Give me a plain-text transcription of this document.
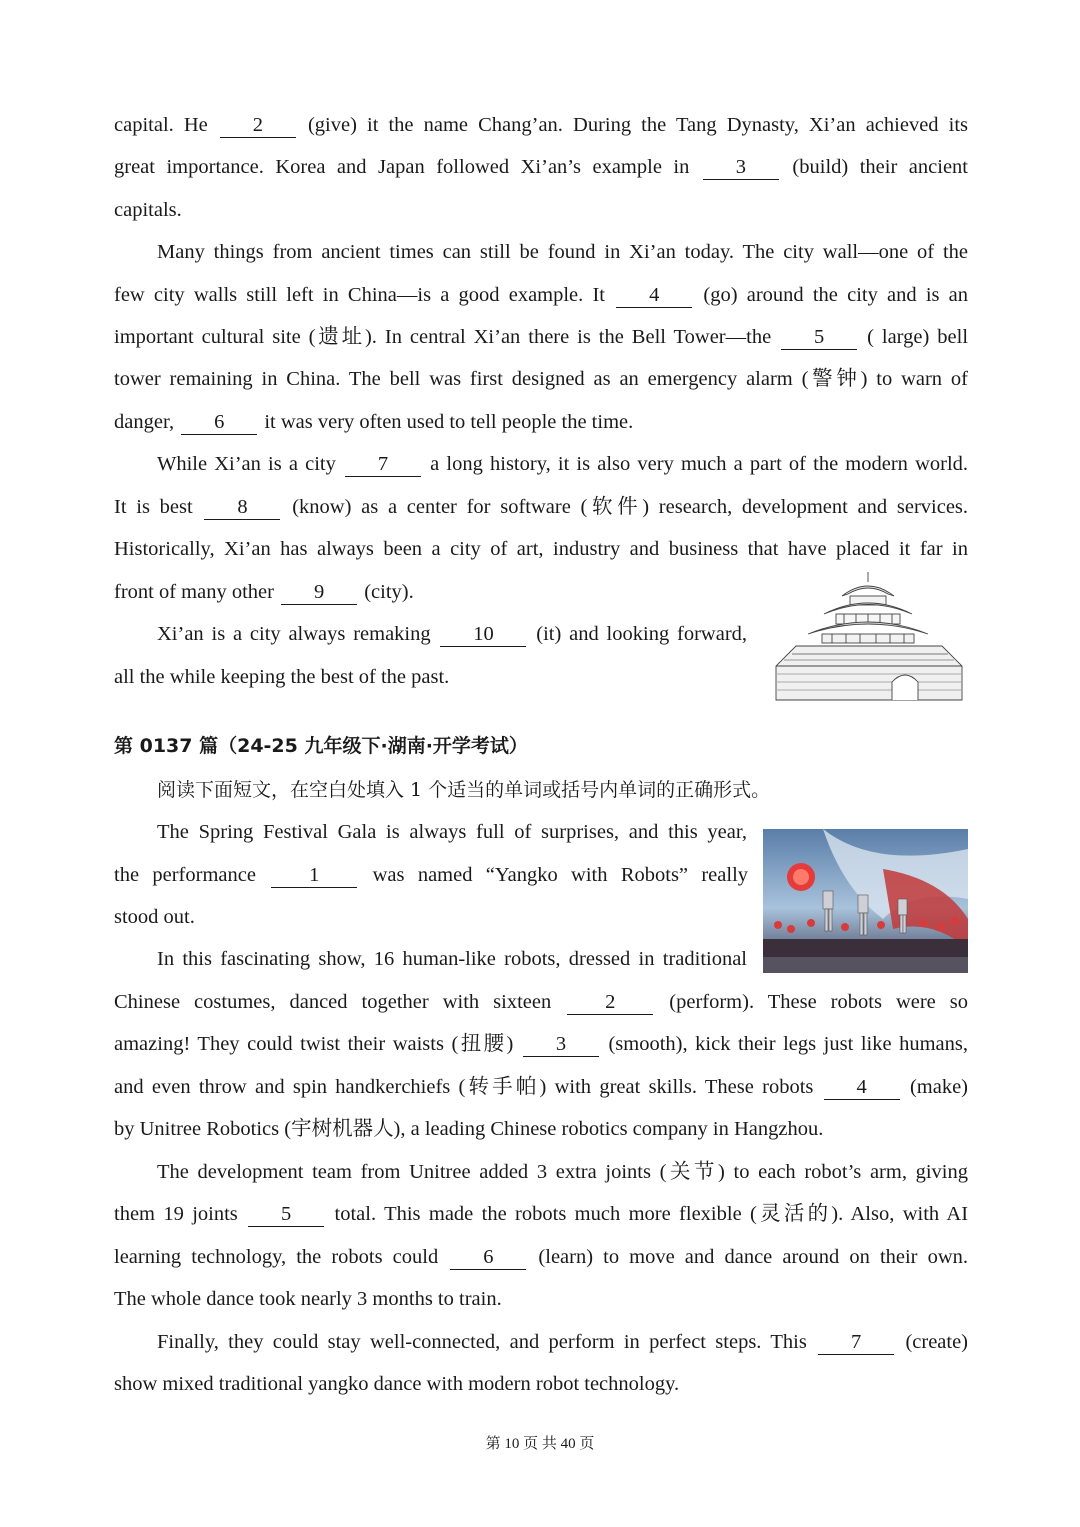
capital. He 2 (give) it the name Chang’an. During the Tang Dynasty, Xi’an achieved its
great importance. Korea and Japan followed Xi’an’s example in 3 (build) their ancient
capitals.
Many things from ancient times can still be found in Xi’an today. The city wall—one of the
few city walls still left in China—is a good example. It 4 (go) around the city and is an
important cultural site (遗址). In central Xi’an there is the Bell Tower—the 5 ( large) bell
tower remaining in China. The bell was first designed as an emergency alarm (警钟) to warn of
danger, 6 it was very often used to tell people the time.
While Xi’an is a city 7 a long history, it is also very much a part of the modern world.
It is best 8 (know) as a center for software (软件) research, development and services.
Historically, Xi’an has always been a city of art, industry and business that have placed it far in
front of many other 9 (city).
Xi’an is a city always remaking 10 (it) and looking forward,
all the while keeping the best of the past.
第 0137 篇（24-25 九年级下·湖南·开学考试）
阅读下面短文，在空白处填入 1 个适当的单词或括号内单词的正确形式。
The Spring Festival Gala is always full of surprises, and this year,
the performance	1	was named “Yangko with Robots” really
stood out.
In this fascinating show, 16 human-like robots, dressed in traditional
Chinese costumes, danced together with sixteen	2	(perform). These robots were so
amazing! They could twist their waists (扭腰) 3 (smooth), kick their legs just like humans,
and even throw and spin handkerchiefs (转手帕) with great skills. These robots 4 (make)
by Unitree Robotics (宇树机器人), a leading Chinese robotics company in Hangzhou.
The development team from Unitree added 3 extra joints (关节) to each robot’s arm, giving
them 19 joints 5 total. This made the robots much more flexible (灵活的). Also, with AI
learning technology, the robots could 6 (learn) to move and dance around on their own.
The whole dance took nearly 3 months to train.
Finally, they could stay well-connected, and perform in perfect steps. This 7 (create)
show mixed traditional yangko dance with modern robot technology.
第 10 页 共 40 页
